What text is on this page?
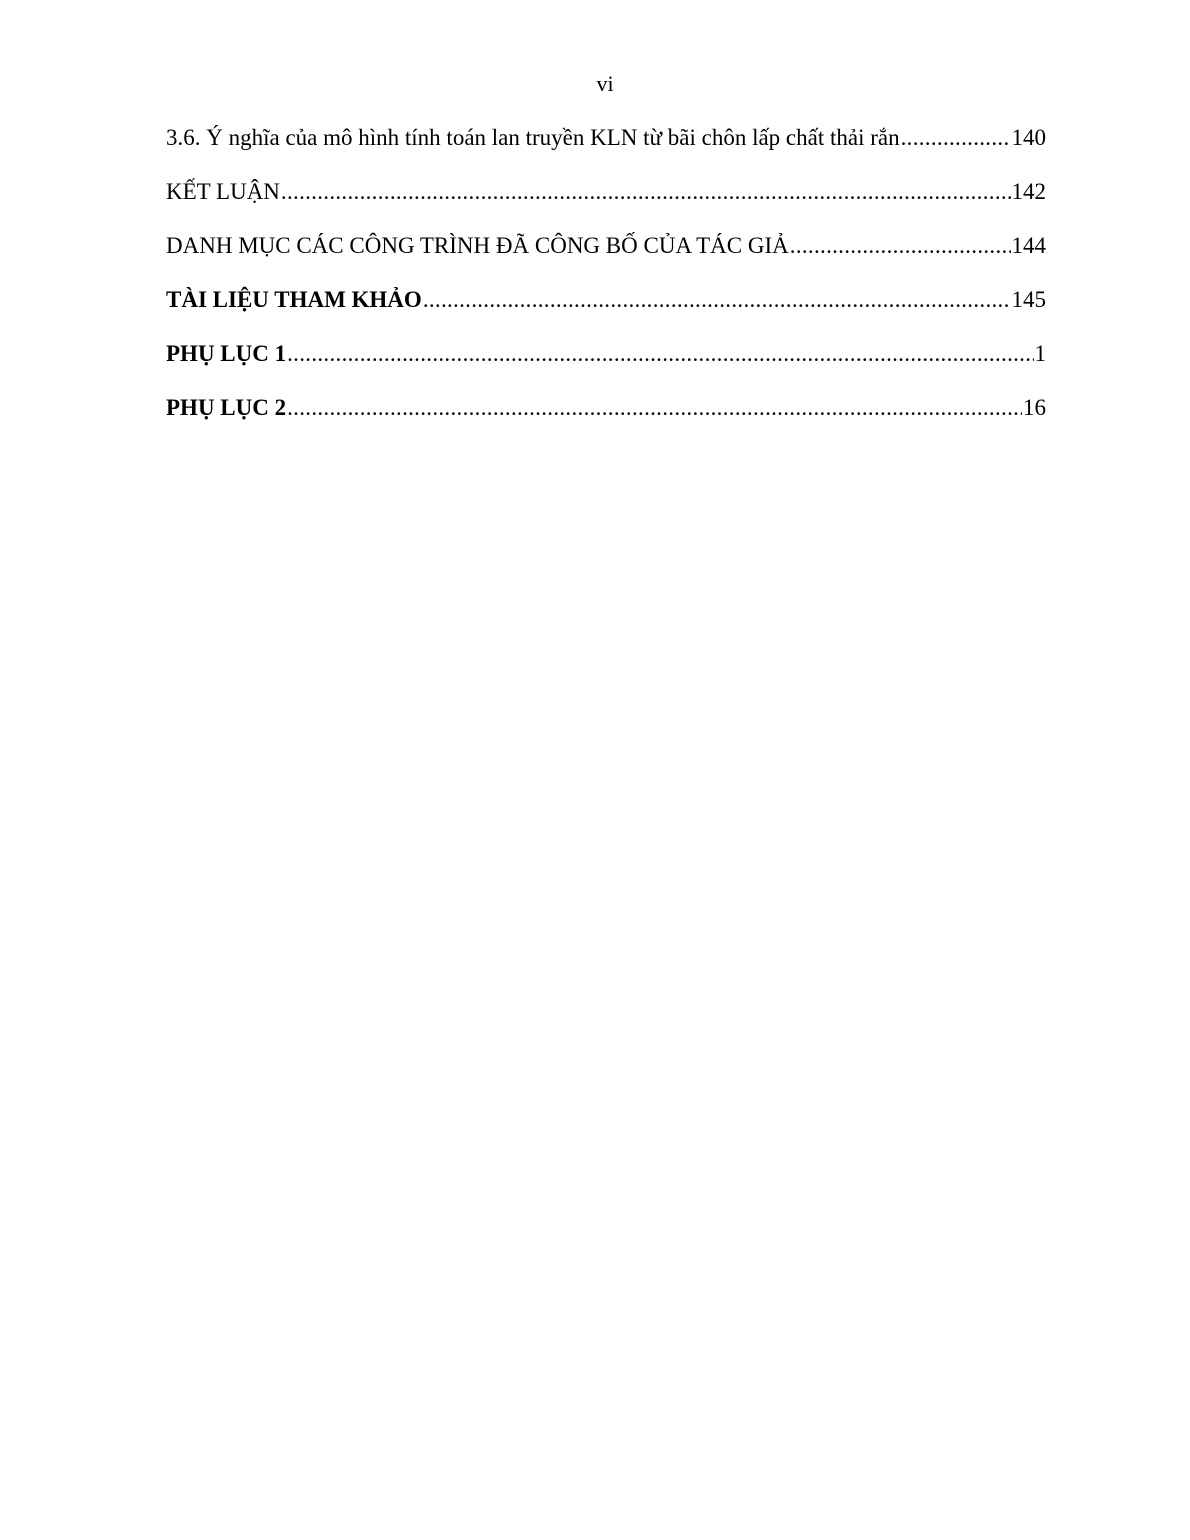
vi
3.6. Ý nghĩa của mô hình tính toán lan truyền KLN từ bãi chôn lấp chất thải rắn .....	140
KẾT LUẬN .....	142
DANH MỤC CÁC CÔNG TRÌNH ĐÃ CÔNG BỐ CỦA TÁC GIẢ .....	144
TÀI LIỆU THAM KHẢO .....	145
PHỤ LỤC 1 .....	1
PHỤ LỤC 2 .....	16
